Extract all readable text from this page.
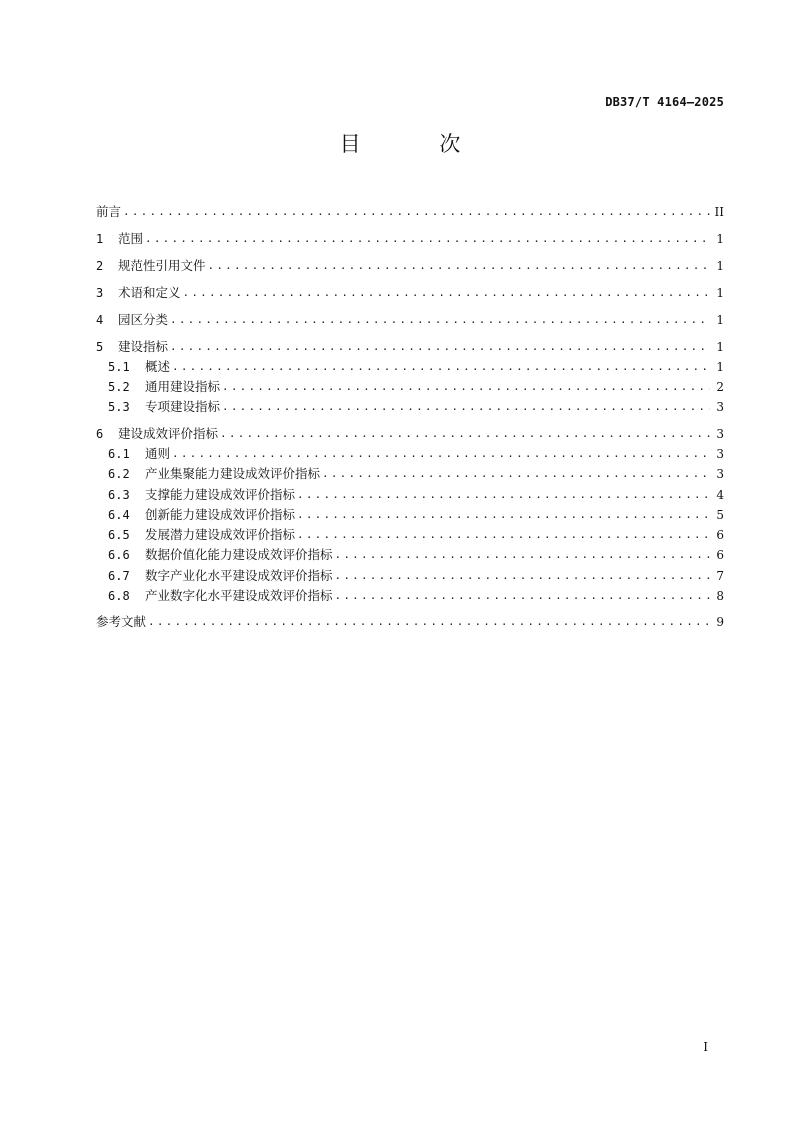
DB37/T 4164—2025
目 次
前言 .....	II
1	范围 .....	1
2	规范性引用文件 .....	1
3	术语和定义 .....	1
4	园区分类 .....	1
5	建设指标 .....	1
5.1	概述 .....	1
5.2	通用建设指标 .....	2
5.3	专项建设指标 .....	3
6	建设成效评价指标 .....	3
6.1	通则 .....	3
6.2	产业集聚能力建设成效评价指标 .....	3
6.3	支撑能力建设成效评价指标 .....	4
6.4	创新能力建设成效评价指标 .....	5
6.5	发展潜力建设成效评价指标 .....	6
6.6	数据价值化能力建设成效评价指标 .....	6
6.7	数字产业化水平建设成效评价指标 .....	7
6.8	产业数字化水平建设成效评价指标 .....	8
参考文献 .....	9
I
